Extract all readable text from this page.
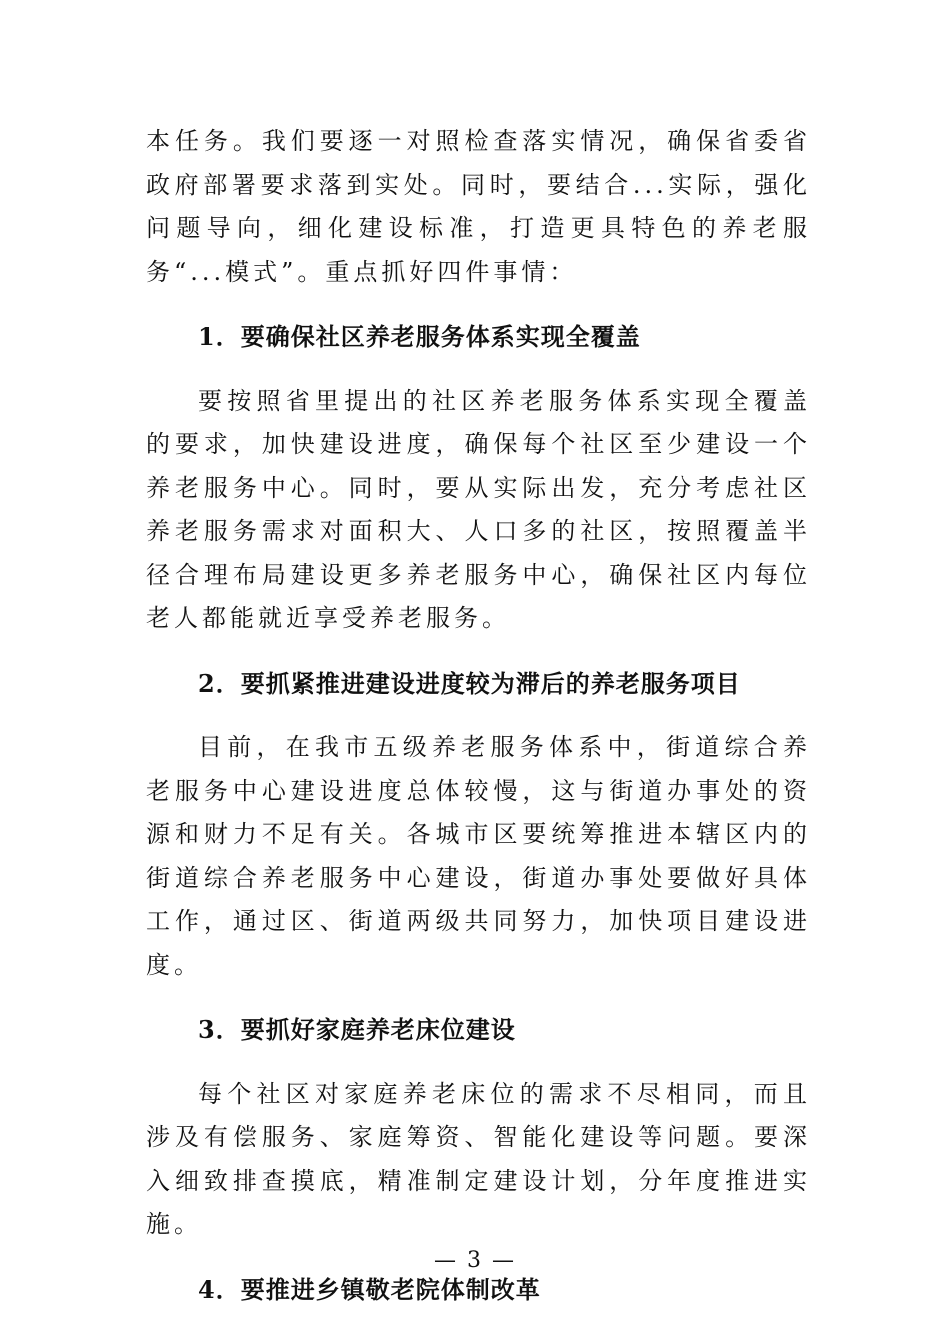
本任务。我们要逐一对照检查落实情况，确保省委省政府部署要求落到实处。同时，要结合...实际，强化问题导向，细化建设标准，打造更具特色的养老服务“...模式”。重点抓好四件事情：

1．要确保社区养老服务体系实现全覆盖

要按照省里提出的社区养老服务体系实现全覆盖的要求，加快建设进度，确保每个社区至少建设一个养老服务中心。同时，要从实际出发，充分考虑社区养老服务需求对面积大、人口多的社区，按照覆盖半径合理布局建设更多养老服务中心，确保社区内每位老人都能就近享受养老服务。

2．要抓紧推进建设进度较为滞后的养老服务项目

目前，在我市五级养老服务体系中，街道综合养老服务中心建设进度总体较慢，这与街道办事处的资源和财力不足有关。各城市区要统筹推进本辖区内的街道综合养老服务中心建设，街道办事处要做好具体工作，通过区、街道两级共同努力，加快项目建设进度。

3．要抓好家庭养老床位建设

每个社区对家庭养老床位的需求不尽相同，而且涉及有偿服务、家庭筹资、智能化建设等问题。要深入细致排查摸底，精准制定建设计划，分年度推进实施。

4．要推进乡镇敬老院体制改革

— 3 —
